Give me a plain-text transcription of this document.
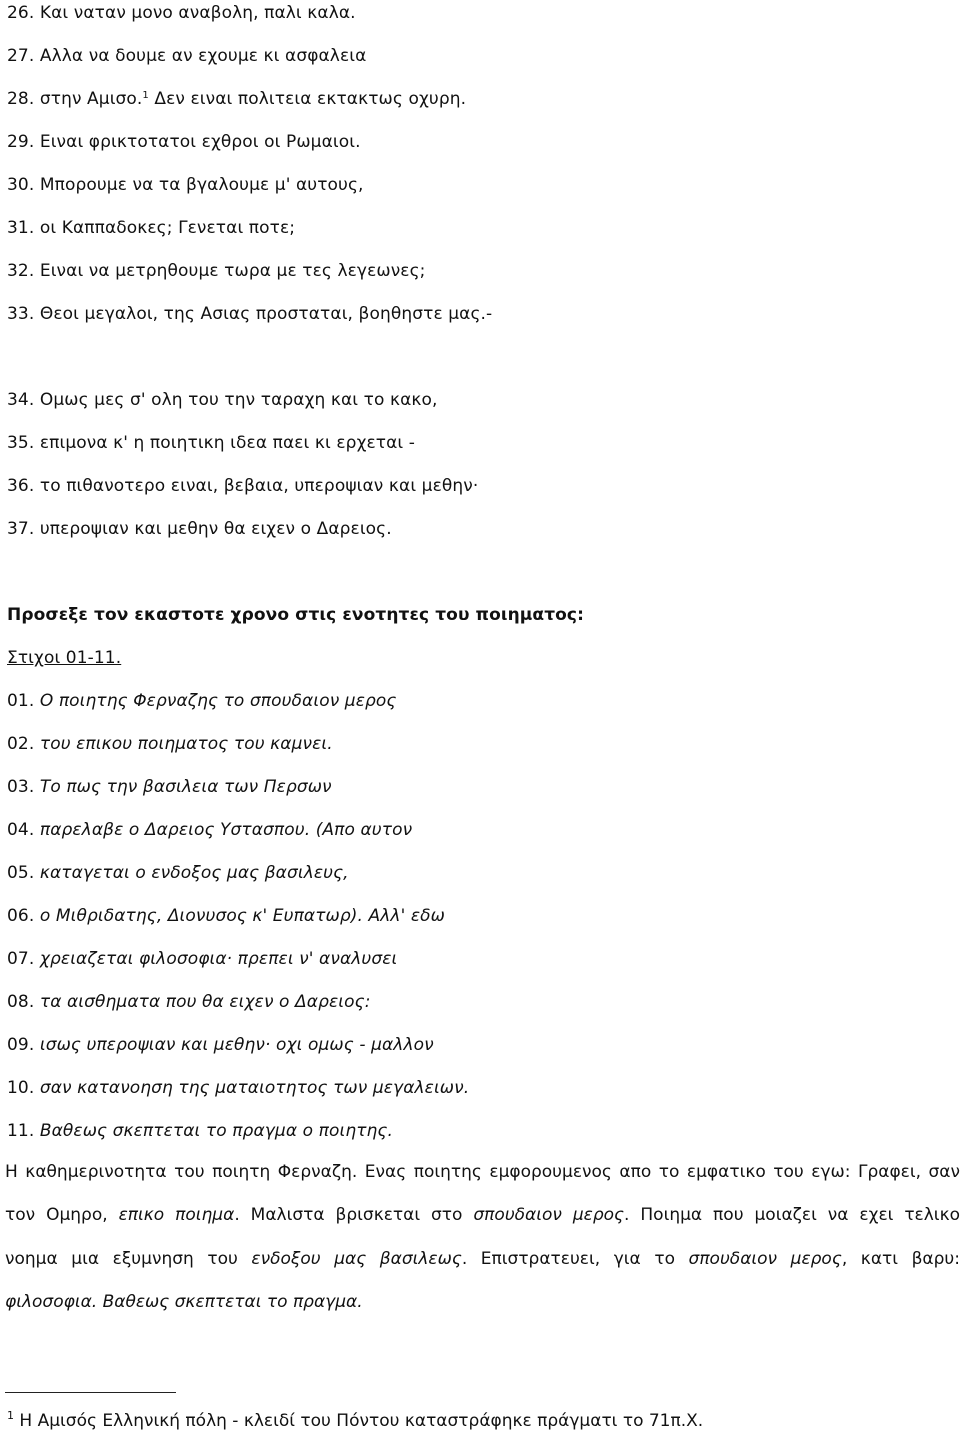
26. Και ναταν μονο αναβολη, παλι καλα.
27. Αλλα να δουμε αν εχουμε κι ασφαλεια
28. στην Αμισο.$^1$ Δεν ειναι πολιτεια εκτακτως οχυρη.
29. Ειναι φρικτοτατοι εχθροι οι Ρωμαιοι.
30. Μπορουμε να τα βγαλουμε μ' αυτους,
31. οι Καππαδοκες; Γενεται ποτε;
32. Ειναι να μετρηθουμε τωρα με τες λεγεωνες;
33. Θεοι μεγαλοι, της Ασιας προσταται, βοηθηστε μας.-
34. Ομως μες σ' ολη του την ταραχη και το κακο,
35. επιμονα κ' η ποιητικη ιδεα παει κι ερχεται -
36. το πιθανοτερο ειναι, βεβαια, υπεροψιαν και μεθην·
37. υπεροψιαν και μεθην θα ειχεν ο Δαρειος.
Προσεξε τον εκαστοτε χρονο στις ενοτητες του ποιηματος:
Στιχοι 01-11.
01. Ο ποιητης Φερναζης το σπουδαιον μερος
02. του επικου ποιηματος του καμνει.
03. Το πως την βασιλεια των Περσων
04. παρελαβε ο Δαρειος Υστασπου. (Απο αυτον
05. καταγεται ο ενδοξος μας βασιλευς,
06. ο Μιθριδατης, Διονυσος κ' Ευπατωρ). Αλλ' εδω
07. χρειαζεται φιλοσοφια· πρεπει ν' αναλυσει
08. τα αισθηματα που θα ειχεν ο Δαρειος:
09. ισως υπεροψιαν και μεθην· οχι ομως - μαλλον
10. σαν κατανοηση της ματαιοτητος των μεγαλειων.
11. Βαθεως σκεπτεται το πραγμα ο ποιητης.
Η καθημερινοτητα του ποιητη Φερναζη. Ενας ποιητης εμφορουμενος απο το εμφατικο του εγω: Γραφει, σαν
τον Ομηρο, επικο ποιημα. Μαλιστα βρισκεται στο σπουδαιον μερος. Ποιημα που μοιαζει να εχει τελικο
νοημα μια εξυμνηση του ενδοξου μας βασιλεως. Επιστρατευει, για το σπουδαιον μερος, κατι βαρυ:
φιλοσοφια. Βαθεως σκεπτεται το πραγμα.
$^1$ Η Αμισός Ελληνική πόλη - κλειδί του Πόντου καταστράφηκε πράγματι το 71π.Χ.
